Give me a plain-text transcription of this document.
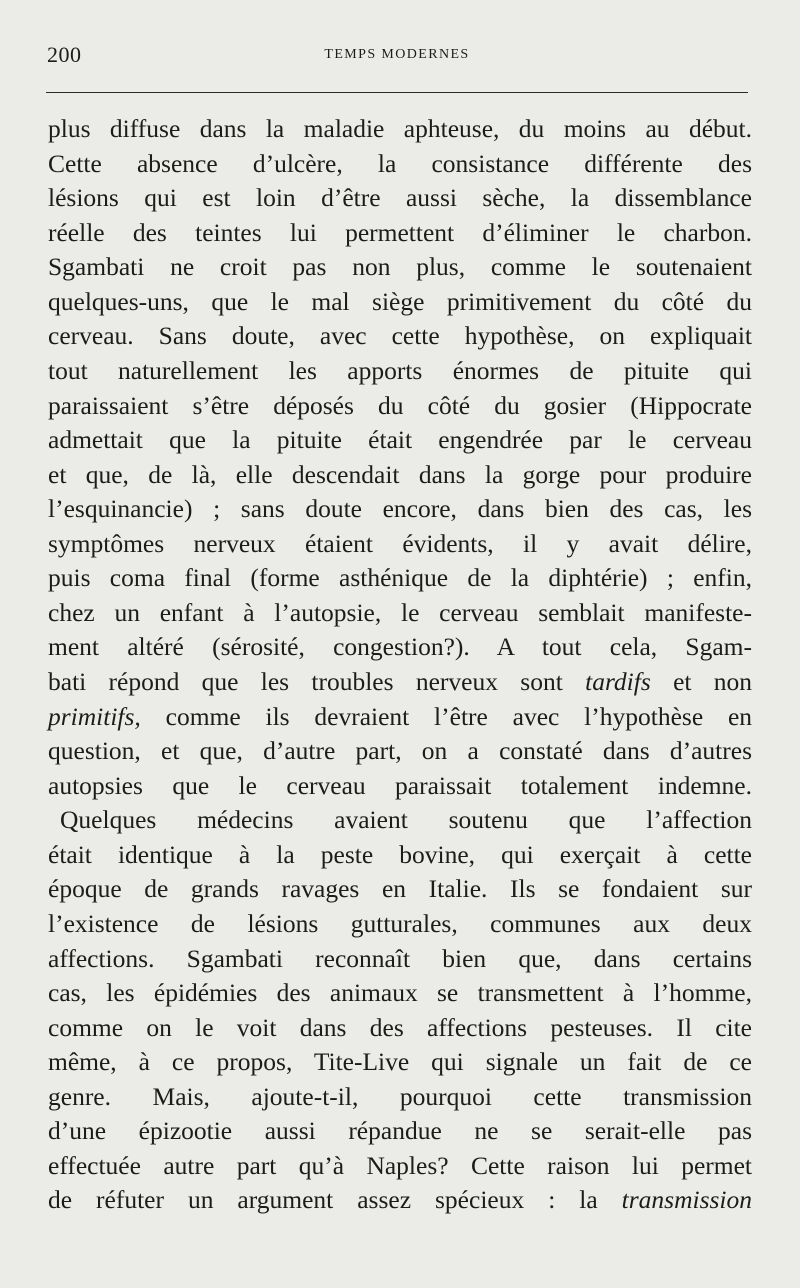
200	TEMPS MODERNES
plus diffuse dans la maladie aphteuse, du moins au début.
Cette absence d’ulcère, la consistance différente des
lésions qui est loin d’être aussi sèche, la dissemblance
réelle des teintes lui permettent d’éliminer le charbon.
Sgambati ne croit pas non plus, comme le soutenaient
quelques-uns, que le mal siège primitivement du côté du
cerveau. Sans doute, avec cette hypothèse, on expliquait
tout naturellement les apports énormes de pituite qui
paraissaient s’être déposés du côté du gosier (Hippocrate
admettait que la pituite était engendrée par le cerveau
et que, de là, elle descendait dans la gorge pour produire
l’esquinancie) ; sans doute encore, dans bien des cas, les
symptômes nerveux étaient évidents, il y avait délire,
puis coma final (forme asthénique de la diphtérie) ; enfin,
chez un enfant à l’autopsie, le cerveau semblait manifeste-
ment altéré (sérosité, congestion?). A tout cela, Sgam-
bati répond que les troubles nerveux sont tardifs et non
primitifs, comme ils devraient l’être avec l’hypothèse en
question, et que, d’autre part, on a constaté dans d’autres
autopsies que le cerveau paraissait totalement indemne.
Quelques médecins avaient soutenu que l’affection
était identique à la peste bovine, qui exerçait à cette
époque de grands ravages en Italie. Ils se fondaient sur
l’existence de lésions gutturales, communes aux deux
affections. Sgambati reconnaît bien que, dans certains
cas, les épidémies des animaux se transmettent à l’homme,
comme on le voit dans des affections pesteuses. Il cite
même, à ce propos, Tite-Live qui signale un fait de ce
genre. Mais, ajoute-t-il, pourquoi cette transmission
d’une épizootie aussi répandue ne se serait-elle pas
effectuée autre part qu’à Naples? Cette raison lui permet
de réfuter un argument assez spécieux : la transmission
